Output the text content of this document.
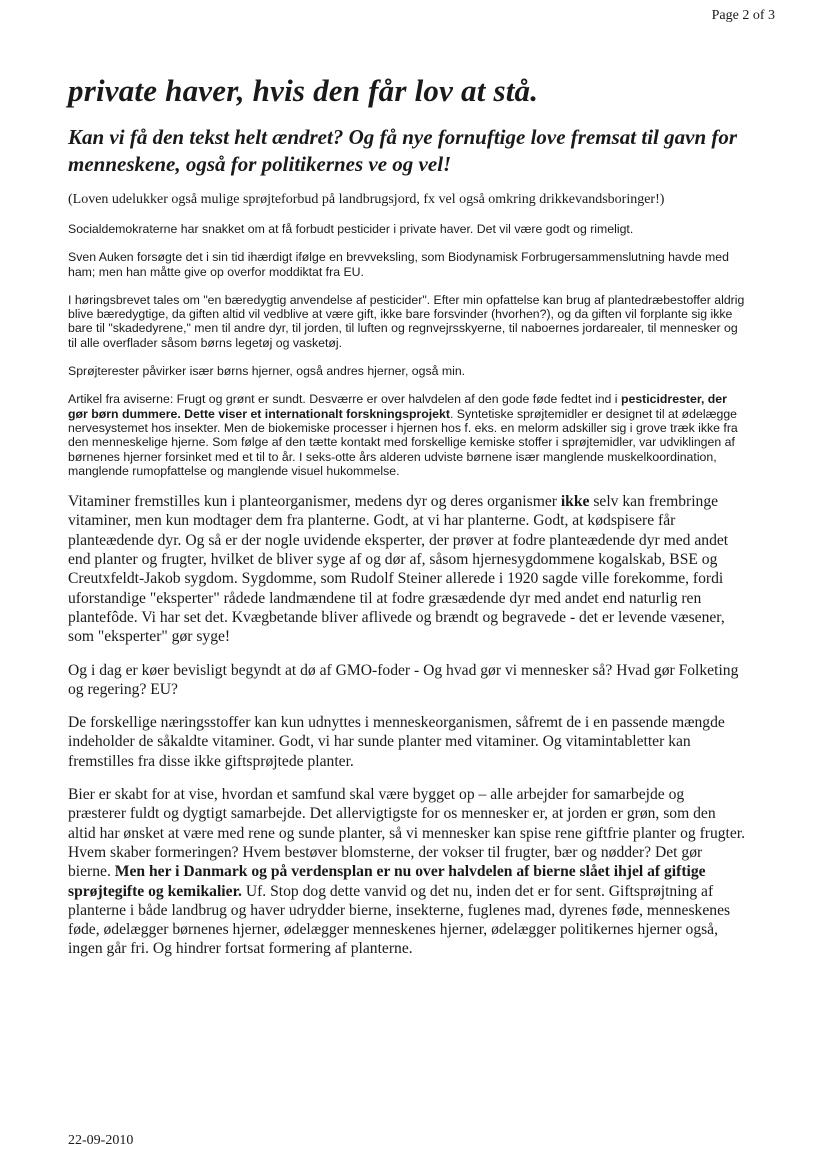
Page 2 of 3
private haver, hvis den får lov at stå.
Kan vi få den tekst helt ændret? Og få nye fornuftige love fremsat til gavn for menneskene, også for politikernes ve og vel!

(Loven udelukker også mulige sprøjteforbud på landbrugsjord, fx vel også omkring drikkevandsboringer!)

Socialdemokraterne har snakket om at få forbudt pesticider i private haver. Det vil være godt og rimeligt.

Sven Auken forsøgte det i sin tid ihærdigt ifølge en brevveksling, som Biodynamisk Forbrugersammenslutning havde med ham; men han måtte give op overfor moddiktat fra EU.

I høringsbrevet tales om "en bæredygtig anvendelse af pesticider". Efter min opfattelse kan brug af plantedræbestoffer aldrig blive bæredygtige, da giften altid vil vedblive at være gift, ikke bare forsvinder (hvorhen?), og da giften vil forplante sig ikke bare til "skadedyrene," men til andre dyr, til jorden, til luften og regnvejrsskyerne, til naboernes jordarealer, til mennesker og til alle overflader såsom børns legetøj og vasketøj.

Sprøjterester påvirker især børns hjerner, også andres hjerner, også min.

Artikel fra aviserne: Frugt og grønt er sundt. Desværre er over halvdelen af den gode føde fedtet ind i pesticidrester, der gør børn dummere. Dette viser et internationalt forskningsprojekt. Syntetiske sprøjtemidler er designet til at ødelægge nervesystemet hos insekter. Men de biokemiske processer i hjernen hos f. eks. en melorm adskiller sig i grove træk ikke fra den menneskelige hjerne. Som følge af den tætte kontakt med forskellige kemiske stoffer i sprøjtemidler, var udviklingen af børnenes hjerner forsinket med et til to år. I seks-otte års alderen udviste børnene især manglende muskelkoordination, manglende rumopfattelse og manglende visuel hukommelse.

Vitaminer fremstilles kun i planteorganismer, medens dyr og deres organismer ikke selv kan frembringe vitaminer, men kun modtager dem fra planterne. Godt, at vi har planterne. Godt, at kødspisere får planteædende dyr. Og så er der nogle uvidende eksperter, der prøver at fodre planteædende dyr med andet end planter og frugter, hvilket de bliver syge af og dør af, såsom hjernesygdommene kogalskab, BSE og Creutxfeldt-Jakob sygdom. Sygdomme, som Rudolf Steiner allerede i 1920 sagde ville forekomme, fordi uforstandige "eksperter" rådede landmændene til at fodre græsædende dyr med andet end naturlig ren plantefôde. Vi har set det. Kvægbetande bliver aflivede og brændt og begravede - det er levende væsener, som "eksperter" gør syge!

Og i dag er køer bevisligt begyndt at dø af GMO-foder - Og hvad gør vi mennesker så? Hvad gør Folketing og regering? EU?

De forskellige næringsstoffer kan kun udnyttes i menneskeorganismen, såfremt de i en passende mængde indeholder de såkaldte vitaminer. Godt, vi har sunde planter med vitaminer. Og vitamintabletter kan fremstilles fra disse ikke giftsprøjtede planter.

Bier er skabt for at vise, hvordan et samfund skal være bygget op – alle arbejder for samarbejde og præsterer fuldt og dygtigt samarbejde. Det allervigtigste for os mennesker er, at jorden er grøn, som den altid har ønsket at være med rene og sunde planter, så vi mennesker kan spise rene giftfrie planter og frugter. Hvem skaber formeringen? Hvem bestøver blomsterne, der vokser til frugter, bær og nødder? Det gør bierne. Men her i Danmark og på verdensplan er nu over halvdelen af bierne slået ihjel af giftige sprøjtegifte og kemikalier. Uf. Stop dog dette vanvid og det nu, inden det er for sent. Giftsprøjtning af planterne i både landbrug og haver udrydder bierne, insekterne, fuglenes mad, dyrenes føde, menneskenes føde, ødelægger børnenes hjerner, ødelægger menneskenes hjerner, ødelægger politikernes hjerner også, ingen går fri. Og hindrer fortsat formering af planterne.

22-09-2010
